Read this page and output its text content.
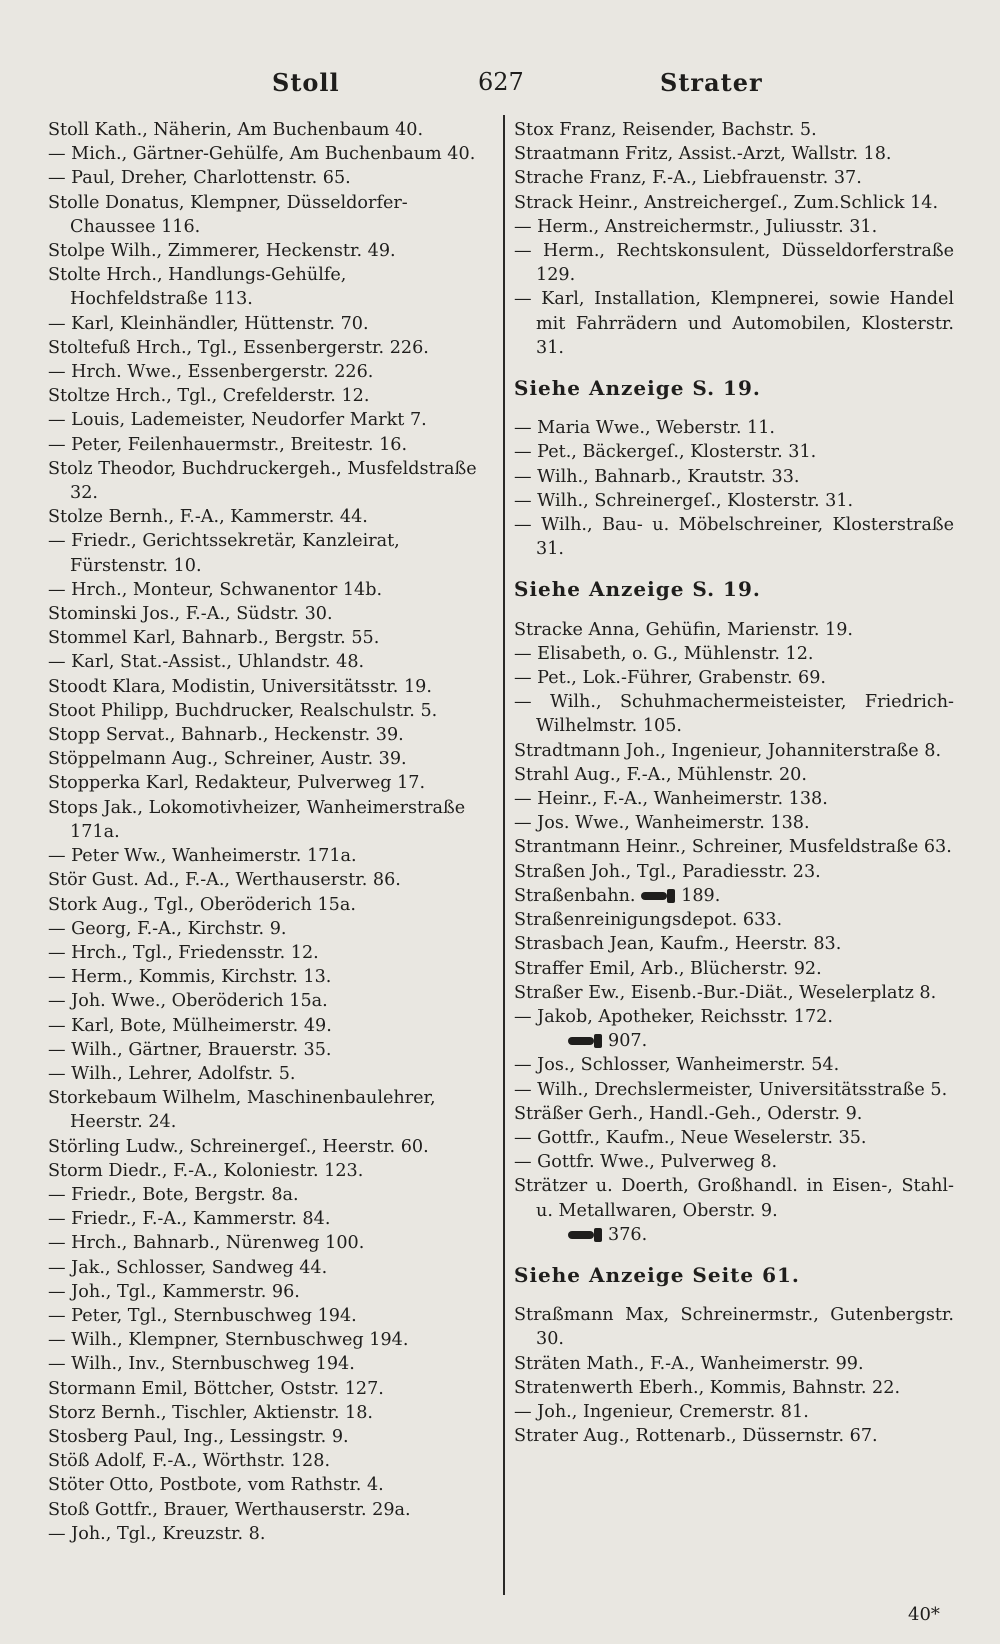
Stoll	627	Strater

Stoll Kath., Näherin, Am Buchenbaum 40.

— Mich., Gärtner-Gehülfe, Am Buchenbaum 40.

— Paul, Dreher, Charlottenstr. 65.

Stolle Donatus, Klempner, Düsseldorfer-Chaussee 116.

Stolpe Wilh., Zimmerer, Heckenstr. 49.

Stolte Hrch., Handlungs-Gehülfe, Hochfeldstraße 113.

— Karl, Kleinhändler, Hüttenstr. 70.

Stoltefuß Hrch., Tgl., Essenbergerstr. 226.

— Hrch. Wwe., Essenbergerstr. 226.

Stoltze Hrch., Tgl., Crefelderstr. 12.

— Louis, Lademeister, Neudorfer Markt 7.

— Peter, Feilenhauermstr., Breitestr. 16.

Stolz Theodor, Buchdruckergeh., Musfeldstraße 32.

Stolze Bernh., F.-A., Kammerstr. 44.

— Friedr., Gerichtssekretär, Kanzleirat, Fürstenstr. 10.

— Hrch., Monteur, Schwanentor 14b.

Stominski Jos., F.-A., Südstr. 30.

Stommel Karl, Bahnarb., Bergstr. 55.

— Karl, Stat.-Assist., Uhlandstr. 48.

Stoodt Klara, Modistin, Universitätsstr. 19.

Stoot Philipp, Buchdrucker, Realschulstr. 5.

Stopp Servat., Bahnarb., Heckenstr. 39.

Stöppelmann Aug., Schreiner, Austr. 39.

Stopperka Karl, Redakteur, Pulverweg 17.

Stops Jak., Lokomotivheizer, Wanheimerstraße 171a.

— Peter Ww., Wanheimerstr. 171a.

Stör Gust. Ad., F.-A., Werthauserstr. 86.

Stork Aug., Tgl., Oberöderich 15a.

— Georg, F.-A., Kirchstr. 9.

— Hrch., Tgl., Friedensstr. 12.

— Herm., Kommis, Kirchstr. 13.

— Joh. Wwe., Oberöderich 15a.

— Karl, Bote, Mülheimerstr. 49.

— Wilh., Gärtner, Brauerstr. 35.

— Wilh., Lehrer, Adolfstr. 5.

Storkebaum Wilhelm, Maschinenbaulehrer, Heerstr. 24.

Störling Ludw., Schreinergeſ., Heerstr. 60.

Storm Diedr., F.-A., Koloniestr. 123.

— Friedr., Bote, Bergstr. 8a.

— Friedr., F.-A., Kammerstr. 84.

— Hrch., Bahnarb., Nürenweg 100.

— Jak., Schlosser, Sandweg 44.

— Joh., Tgl., Kammerstr. 96.

— Peter, Tgl., Sternbuschweg 194.

— Wilh., Klempner, Sternbuschweg 194.

— Wilh., Inv., Sternbuschweg 194.

Stormann Emil, Böttcher, Oststr. 127.

Storz Bernh., Tischler, Aktienstr. 18.

Stosberg Paul, Ing., Lessingstr. 9.

Stöß Adolf, F.-A., Wörthstr. 128.

Stöter Otto, Postbote, vom Rathstr. 4.

Stoß Gottfr., Brauer, Werthauserstr. 29a.

— Joh., Tgl., Kreuzstr. 8.

Stox Franz, Reisender, Bachstr. 5.

Straatmann Fritz, Assist.-Arzt, Wallstr. 18.

Strache Franz, F.-A., Liebfrauenstr. 37.

Strack Heinr., Anstreichergeſ., Zum.Schlick 14.

— Herm., Anstreichermstr., Juliusstr. 31.

— Herm., Rechtskonsulent, Düsseldorferstraße 129.

— Karl, Installation, Klempnerei, sowie Handel mit Fahrrädern und Automobilen, Klosterstr. 31.

Siehe Anzeige S. 19.

— Maria Wwe., Weberstr. 11.

— Pet., Bäckergeſ., Klosterstr. 31.

— Wilh., Bahnarb., Krautstr. 33.

— Wilh., Schreinergeſ., Klosterstr. 31.

— Wilh., Bau- u. Möbelschreiner, Klosterstraße 31.

Siehe Anzeige S. 19.

Stracke Anna, Gehüfin, Marienstr. 19.

— Elisabeth, o. G., Mühlenstr. 12.

— Pet., Lok.-Führer, Grabenstr. 69.

— Wilh., Schuhmachermeisteister, Friedrich-Wilhelmstr. 105.

Stradtmann Joh., Ingenieur, Johanniterstraße 8.

Strahl Aug., F.-A., Mühlenstr. 20.

— Heinr., F.-A., Wanheimerstr. 138.

— Jos. Wwe., Wanheimerstr. 138.

Strantmann Heinr., Schreiner, Musfeldstraße 63.

Straßen Joh., Tgl., Paradiesstr. 23.

Straßenbahn.	189.

Straßenreinigungsdepot. 633.

Strasbach Jean, Kaufm., Heerstr. 83.

Straffer Emil, Arb., Blücherstr. 92.

Straßer Ew., Eisenb.-Bur.-Diät., Weselerplatz 8.

— Jakob, Apotheker, Reichsstr. 172.

907.

— Jos., Schlosser, Wanheimerstr. 54.

— Wilh., Drechslermeister, Universitätsstraße 5.

Sträßer Gerh., Handl.-Geh., Oderstr. 9.

— Gottfr., Kaufm., Neue Weselerstr. 35.

— Gottfr. Wwe., Pulverweg 8.

Strätzer u. Doerth, Großhandl. in Eisen-, Stahl- u. Metallwaren, Oberstr. 9.

376.

Siehe Anzeige Seite 61.

Straßmann Max, Schreinermstr., Gutenbergstr. 30.

Sträten Math., F.-A., Wanheimerstr. 99.

Stratenwerth Eberh., Kommis, Bahnstr. 22.

— Joh., Ingenieur, Cremerstr. 81.

Strater Aug., Rottenarb., Düssernstr. 67.

40*
